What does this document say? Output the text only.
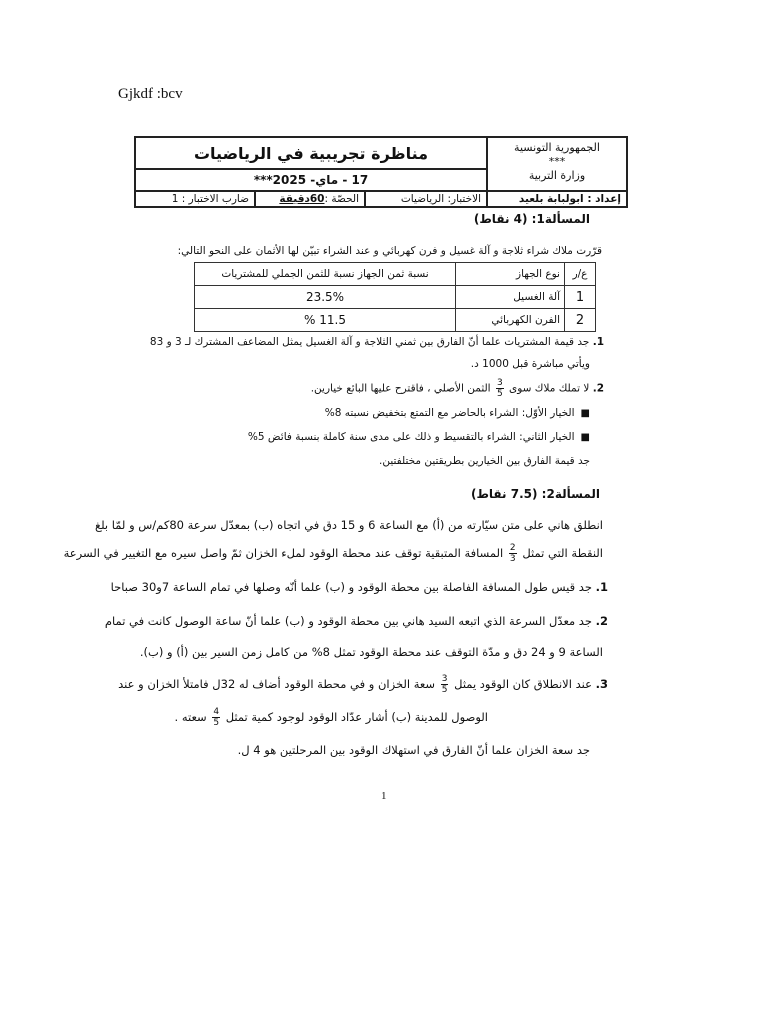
Gjkdf :bcv
الجمهورية التونسية
***
وزارة التربية
مناظرة تجريبية في الرياضيات
17 - ماي- 2025***
إعداد : ابولبابة بلعيد
الاختبار: الرياضيات
الحصّة :60دقيقة
ضارب الاختبار : 1
المسألة1: (4 نقاط)
قرّرت ملاك شراء ثلاجة و آلة غسيل و فرن كهربائي و عند الشراء تبيّن لها الأثمان على النحو التالي:
ع/ر	نوع الجهاز	نسبة ثمن الجهاز نسبة للثمن الجملي للمشتريات
1	آلة الغسيل	23.5%
2	الفرن الكهربائي	11.5 %
1. جد قيمة المشتريات علما أنّ الفارق بين ثمني الثلاجة و آلة الغسيل يمثل المضاعف المشترك لـ 3 و 83
ويأتي مباشرة قبل 1000 د.
2. لا تملك ملاك سوى
$\frac{3}{5}$
الثمن الأصلي ، فاقترح عليها البائع خيارين.
■الخيار الأوّل: الشراء بالحاضر مع التمتع بتخفيض نسبته 8%
■الخيار الثاني: الشراء بالتقسيط و ذلك على مدى سنة كاملة بنسبة فائض 5%
جد قيمة الفارق بين الخيارين بطريقتين مختلفتين.
المسألة2: (7.5 نقاط)
انطلق هاني على متن سيّارته من (أ) مع الساعة 6 و 15 دق في اتجاه (ب) بمعدّل سرعة 80كم/س و لمّا بلغ
النقطة التي تمثل
$\frac{2}{3}$
المسافة المتبقية توقف عند محطة الوقود لملء الخزان ثمّ واصل سيره مع التغيير في السرعة
1. جد قيس طول المسافة الفاصلة بين محطة الوقود و (ب) علما أنّه وصلها في تمام الساعة 7و30 صباحا
2. جد معدّل السرعة الذي اتبعه السيد هاني بين محطة الوقود و (ب) علما أنّ ساعة الوصول كانت في تمام
الساعة 9 و 24 دق و مدّة التوقف عند محطة الوقود تمثل 8% من كامل زمن السير بين (أ) و (ب).
3. عند الانطلاق كان الوقود يمثل
$\frac{3}{5}$
سعة الخزان و في محطة الوقود أضاف له 32ل فامتلأ الخزان و عند
الوصول للمدينة (ب) أشار عدّاد الوقود لوجود كمية تمثل
$\frac{4}{5}$
سعته .
جد سعة الخزان علما أنّ الفارق في استهلاك الوقود بين المرحلتين هو 4 ل.
1
